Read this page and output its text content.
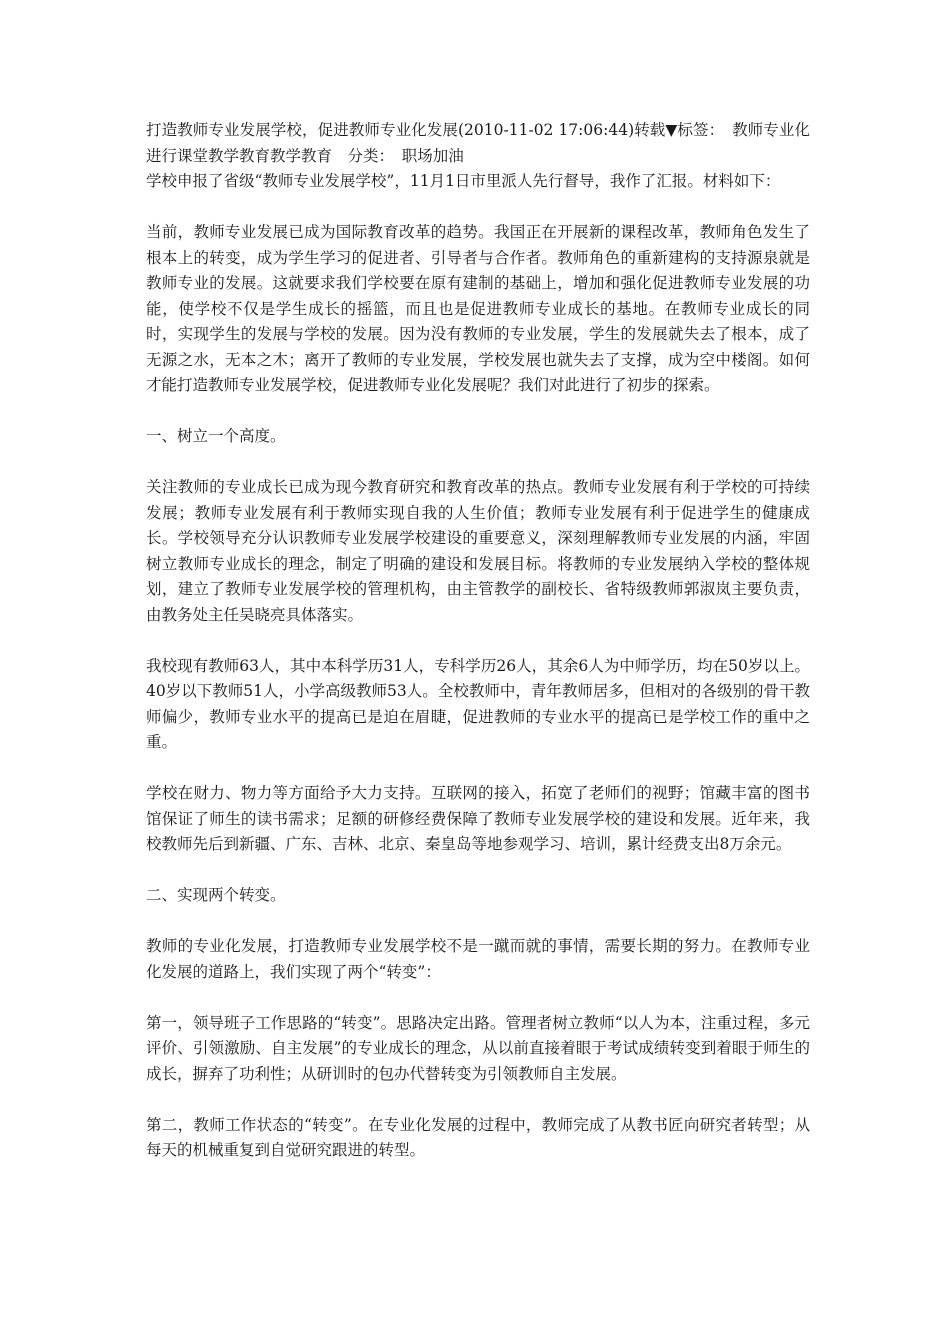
打造教师专业发展学校，促进教师专业化发展(2010-11-02 17:06:44)转载▼标签：　教师专业化进行课堂教学教育教学教育　分类：　职场加油

学校申报了省级“教师专业发展学校”，11月1日市里派人先行督导，我作了汇报。材料如下：

当前，教师专业发展已成为国际教育改革的趋势。我国正在开展新的课程改革，教师角色发生了根本上的转变，成为学生学习的促进者、引导者与合作者。教师角色的重新建构的支持源泉就是教师专业的发展。这就要求我们学校要在原有建制的基础上，增加和强化促进教师专业发展的功能，使学校不仅是学生成长的摇篮，而且也是促进教师专业成长的基地。在教师专业成长的同时，实现学生的发展与学校的发展。因为没有教师的专业发展，学生的发展就失去了根本，成了无源之水，无本之木；离开了教师的专业发展，学校发展也就失去了支撑，成为空中楼阁。如何才能打造教师专业发展学校，促进教师专业化发展呢？我们对此进行了初步的探索。

一、树立一个高度。

关注教师的专业成长已成为现今教育研究和教育改革的热点。教师专业发展有利于学校的可持续发展；教师专业发展有利于教师实现自我的人生价值；教师专业发展有利于促进学生的健康成长。学校领导充分认识教师专业发展学校建设的重要意义，深刻理解教师专业发展的内涵，牢固树立教师专业成长的理念，制定了明确的建设和发展目标。将教师的专业发展纳入学校的整体规划，建立了教师专业发展学校的管理机构，由主管教学的副校长、省特级教师郭淑岚主要负责，由教务处主任吴晓亮具体落实。

我校现有教师63人，其中本科学历31人，专科学历26人，其余6人为中师学历，均在50岁以上。40岁以下教师51人，小学高级教师53人。全校教师中，青年教师居多，但相对的各级别的骨干教师偏少，教师专业水平的提高已是迫在眉睫，促进教师的专业水平的提高已是学校工作的重中之重。

学校在财力、物力等方面给予大力支持。互联网的接入，拓宽了老师们的视野；馆藏丰富的图书馆保证了师生的读书需求；足额的研修经费保障了教师专业发展学校的建设和发展。近年来，我校教师先后到新疆、广东、吉林、北京、秦皇岛等地参观学习、培训，累计经费支出8万余元。

二、实现两个转变。

教师的专业化发展，打造教师专业发展学校不是一蹴而就的事情，需要长期的努力。在教师专业化发展的道路上，我们实现了两个“转变”：

第一，领导班子工作思路的“转变”。思路决定出路。管理者树立教师“以人为本，注重过程，多元评价、引领激励、自主发展”的专业成长的理念，从以前直接着眼于考试成绩转变到着眼于师生的成长，摒弃了功利性；从研训时的包办代替转变为引领教师自主发展。

第二，教师工作状态的“转变”。在专业化发展的过程中，教师完成了从教书匠向研究者转型；从每天的机械重复到自觉研究跟进的转型。
